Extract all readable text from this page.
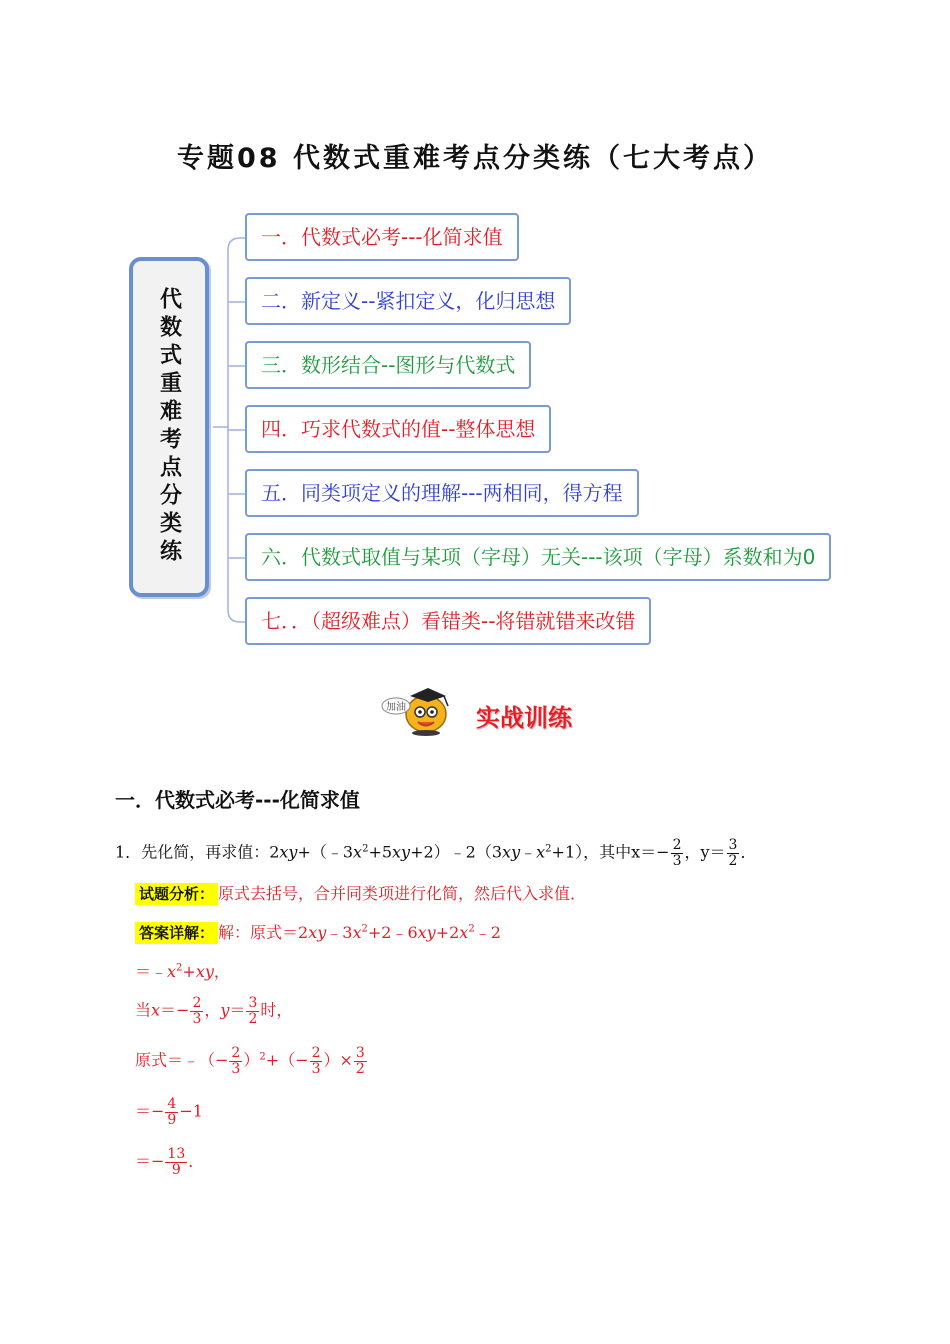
专题08 代数式重难考点分类练（七大考点）
代数式重难考点分类练
一．代数式必考---化简求值
二．新定义--紧扣定义，化归思想
三．数形结合--图形与代数式
四．巧求代数式的值--整体思想
五．同类项定义的理解---两相同，得方程
六．代数式取值与某项（字母）无关---该项（字母）系数和为0
七．．（超级难点）看错类--将错就错来改错
加油	实战训练
一．代数式必考---化简求值
1．先化简，再求值：$2xy+(﹣3x^2+5xy+2)﹣2(3xy﹣x^2+1)$，其中$x=- \frac{2}{3}$ ，$y= \frac{3}{2}$ ．
试题分析： 原式去括号，合并同类项进行化简，然后代入求值．
答案详解： 解：原式$=2xy﹣3x^2+2﹣6xy+2x^2﹣2$
$=﹣x^2+xy$，
当$x=- \frac{2}{3}$ ，$y= \frac{3}{2}$ 时，
原式＝﹣（− $\frac{2}{3} )^2+(- \frac{2}{3}$ ）× $\frac{3}{2}$
＝− $\frac{4}{9} -1$
＝− $\frac{13}{9}$ ．
